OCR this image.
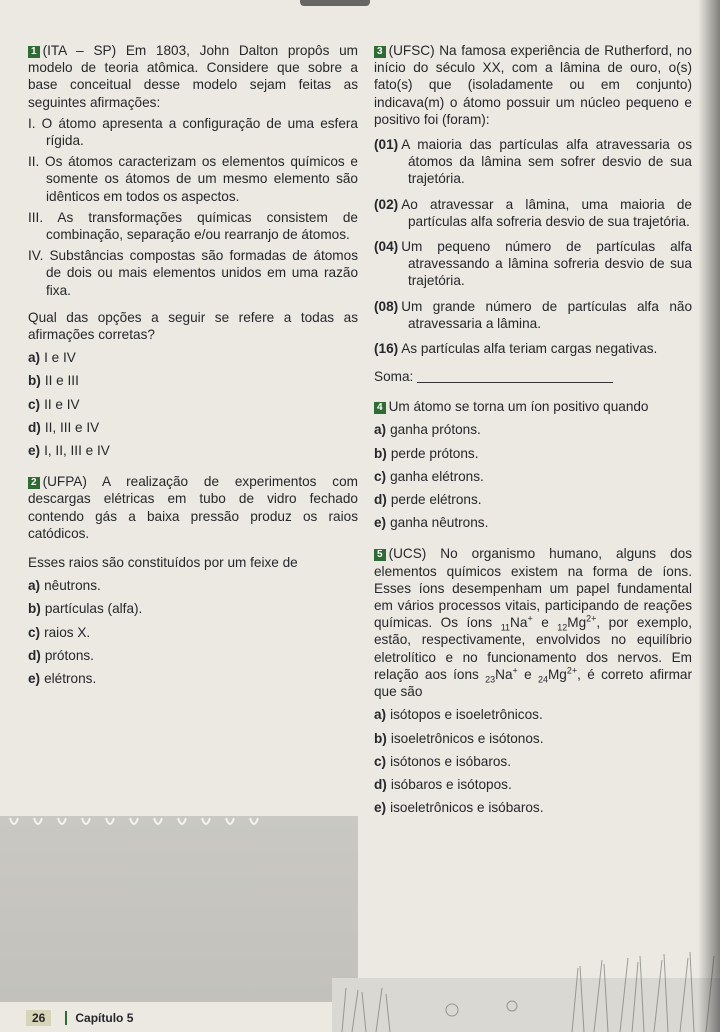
1 (ITA – SP) Em 1803, John Dalton propôs um modelo de teoria atômica. Considere que sobre a base conceitual desse modelo sejam feitas as seguintes afirmações:

I. O átomo apresenta a configuração de uma esfera rígida.

II. Os átomos caracterizam os elementos químicos e somente os átomos de um mesmo elemento são idênticos em todos os aspectos.

III. As transformações químicas consistem de combinação, separação e/ou rearranjo de átomos.

IV. Substâncias compostas são formadas de átomos de dois ou mais elementos unidos em uma razão fixa.

Qual das opções a seguir se refere a todas as afirmações corretas?

a) I e IV

b) II e III

c) II e IV

d) II, III e IV

e) I, II, III e IV

2 (UFPA) A realização de experimentos com descargas elétricas em tubo de vidro fechado contendo gás a baixa pressão produz os raios catódicos.

Esses raios são constituídos por um feixe de

a) nêutrons.

b) partículas (alfa).

c) raios X.

d) prótons.

e) elétrons.

3 (UFSC) Na famosa experiência de Rutherford, no início do século XX, com a lâmina de ouro, o(s) fato(s) que (isoladamente ou em conjunto) indicava(m) o átomo possuir um núcleo pequeno e positivo foi (foram):

(01) A maioria das partículas alfa atravessaria os átomos da lâmina sem sofrer desvio de sua trajetória.

(02) Ao atravessar a lâmina, uma maioria de partículas alfa sofreria desvio de sua trajetória.

(04) Um pequeno número de partículas alfa atravessando a lâmina sofreria desvio de sua trajetória.

(08) Um grande número de partículas alfa não atravessaria a lâmina.

(16) As partículas alfa teriam cargas negativas.

Soma:

4 Um átomo se torna um íon positivo quando

a) ganha prótons.

b) perde prótons.

c) ganha elétrons.

d) perde elétrons.

e) ganha nêutrons.

5 (UCS) No organismo humano, alguns dos elementos químicos existem na forma de íons. Esses íons desempenham um papel fundamental em vários processos vitais, participando de reações químicas. Os íons $_{11}$Na+ e $_{12}Mg^{2+}$, por exemplo, estão, respectivamente, envolvidos no equilíbrio eletrolítico e no funcionamento dos nervos. Em relação aos íons $_{23}$Na+ e $_{24}Mg^{2+}$, é correto afirmar que são

a) isótopos e isoeletrônicos.

b) isoeletrônicos e isótonos.

c) isótonos e isóbaros.

d) isóbaros e isótopos.

e) isoeletrônicos e isóbaros.

26	Capítulo 5
